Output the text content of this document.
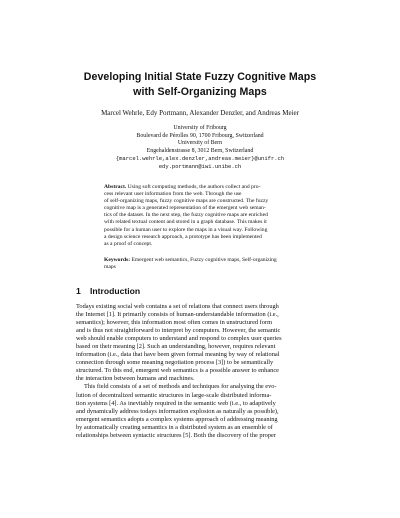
Developing Initial State Fuzzy Cognitive Maps
with Self-Organizing Maps
Marcel Wehrle, Edy Portmann, Alexander Denzler, and Andreas Meier
University of Fribourg
Boulevard de Pérolles 90, 1700 Fribourg, Switzerland
University of Bern
Engehaldenstrasse 8, 3012 Bern, Switzerland
{marcel.wehrle,alex.denzler,andreas.meier}@unifr.ch
edy.portmann@iwi.unibe.ch
Abstract. Using soft computing methods, the authors collect and pro-
cess relevant user information from the web. Through the use
of self-organizing maps, fuzzy cognitive maps are constructed. The fuzzy
cognitive map is a generated representation of the emergent web seman-
tics of the dataset. In the next step, the fuzzy cognitive maps are enriched
with related textual content and stored in a graph database. This makes it
possible for a human user to explore the maps in a visual way. Following
a design science research approach, a prototype has been implemented
as a proof of concept.
Keywords: Emergent web semantics, Fuzzy cognitive maps, Self-organizing
maps
1 Introduction
Todays existing social web contains a set of relations that connect users through
the Internet [1]. It primarily consists of human-understandable information (i.e.,
semantics); however, this information most often comes in unstructured form
and is thus not straightforward to interpret by computers. However, the semantic
web should enable computers to understand and respond to complex user queries
based on their meaning [2]. Such an understanding, however, requires relevant
information (i.e., data that have been given formal meaning by way of relational
connection through some meaning negotiation process [3]) to be semantically
structured. To this end, emergent web semantics is a possible answer to enhance
the interaction between humans and machines.
This field consists of a set of methods and techniques for analysing the evo-
lution of decentralized semantic structures in large-scale distributed informa-
tion systems [4]. As inevitably required in the semantic web (i.e., to adaptively
and dynamically address todays information explosion as naturally as possible),
emergent semantics adopts a complex systems approach of addressing meaning
by automatically creating semantics in a distributed system as an ensemble of
relationships between syntactic structures [5]. Both the discovery of the proper
